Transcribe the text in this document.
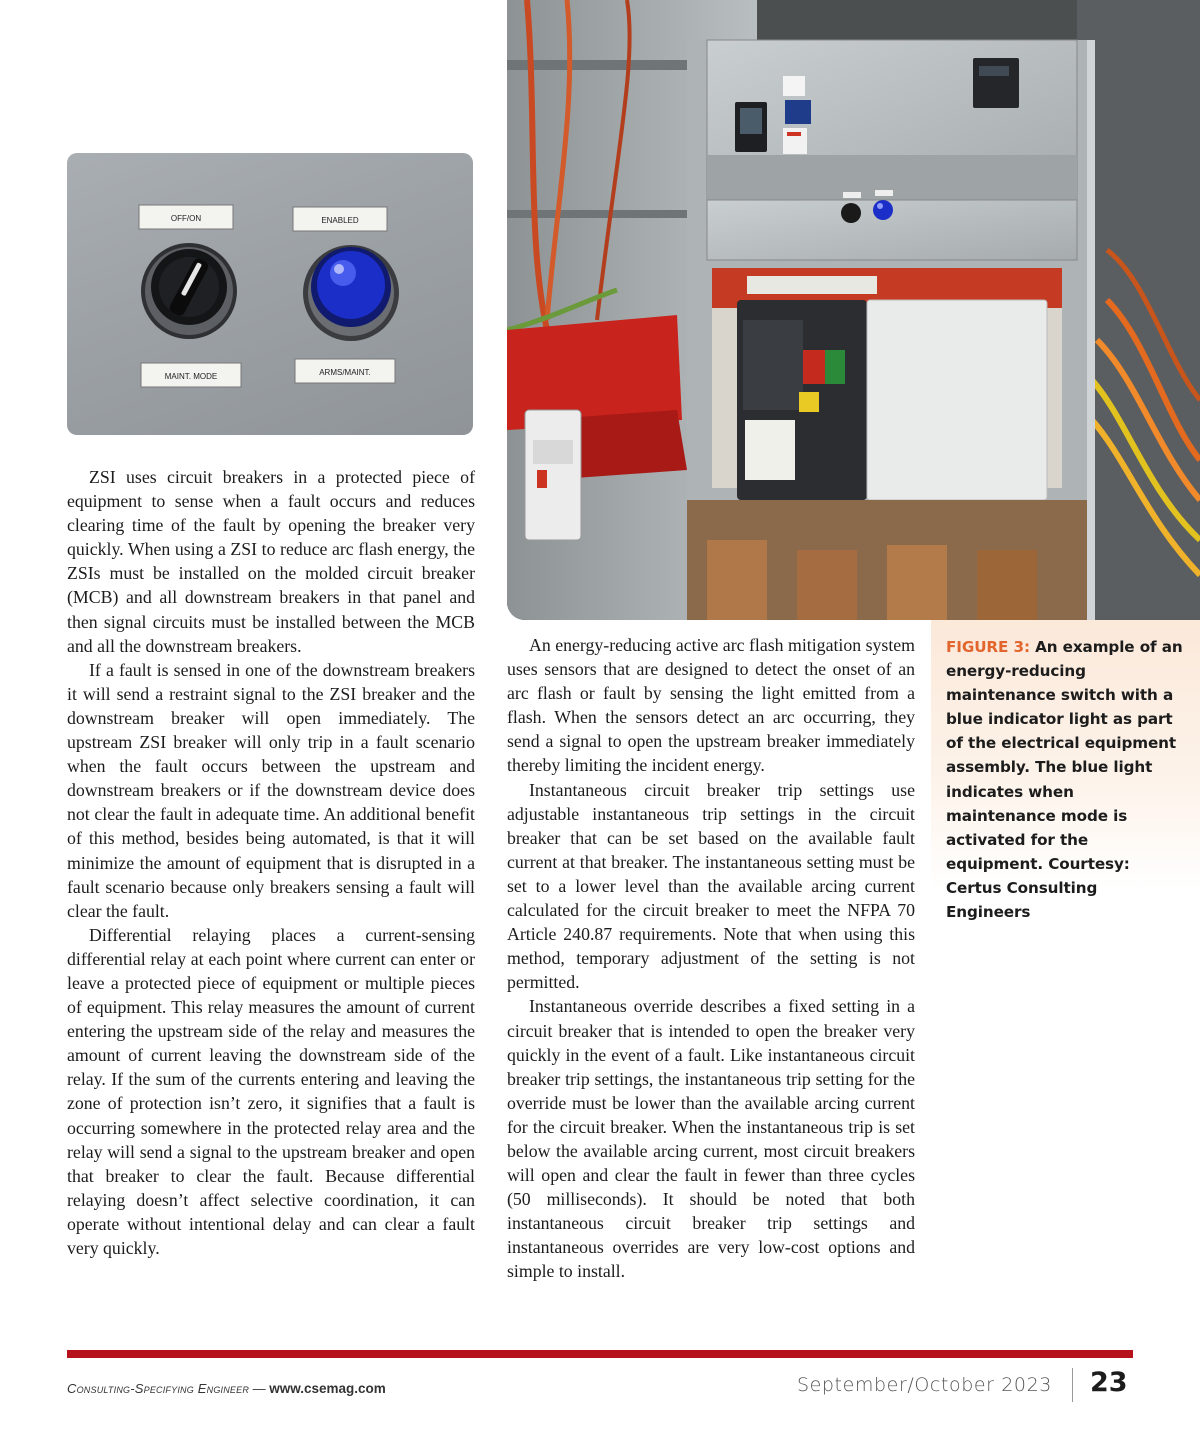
OFF/ON	ENABLED
MAINT. MODE	ARMS/MAINT.

ZSI uses circuit breakers in a protected piece of equipment to sense when a fault occurs and reduces clearing time of the fault by opening the breaker very quickly. When using a ZSI to reduce arc flash energy, the ZSIs must be installed on the molded circuit breaker (MCB) and all downstream breakers in that panel and then signal circuits must be installed between the MCB and all the downstream breakers.

If a fault is sensed in one of the downstream breakers it will send a restraint signal to the ZSI breaker and the downstream breaker will open immediately. The upstream ZSI breaker will only trip in a fault scenario when the fault occurs between the upstream and downstream breakers or if the downstream device does not clear the fault in adequate time. An additional benefit of this method, besides being automated, is that it will minimize the amount of equipment that is disrupted in a fault scenario because only breakers sensing a fault will clear the fault.

Differential relaying places a current-sensing differential relay at each point where current can enter or leave a protected piece of equipment or multiple pieces of equipment. This relay measures the amount of current entering the upstream side of the relay and measures the amount of current leaving the downstream side of the relay. If the sum of the currents entering and leaving the zone of protection isn’t zero, it signifies that a fault is occurring somewhere in the protected relay area and the relay will send a signal to the upstream breaker and open that breaker to clear the fault. Because differential relaying doesn’t affect selective coordination, it can operate without intentional delay and can clear a fault very quickly.

An energy-reducing active arc flash mitigation system uses sensors that are designed to detect the onset of an arc flash or fault by sensing the light emitted from a flash. When the sensors detect an arc occurring, they send a signal to open the upstream breaker immediately thereby limiting the incident energy.

Instantaneous circuit breaker trip settings use adjustable instantaneous trip settings in the circuit breaker that can be set based on the available fault current at that breaker. The instantaneous setting must be set to a lower level than the available arcing current calculated for the circuit breaker to meet the NFPA 70 Article 240.87 requirements. Note that when using this method, temporary adjustment of the setting is not permitted.

Instantaneous override describes a fixed setting in a circuit breaker that is intended to open the breaker very quickly in the event of a fault. Like instantaneous circuit breaker trip settings, the instantaneous trip setting for the override must be lower than the available arcing current for the circuit breaker. When the instantaneous trip is set below the available arcing current, most circuit breakers will open and clear the fault in fewer than three cycles (50 milliseconds). It should be noted that both instantaneous circuit breaker trip settings and instantaneous overrides are very low-cost options and simple to install.

FIGURE 3: An example of an energy-reducing maintenance switch with a blue indicator light as part of the electrical equipment assembly. The blue light indicates when maintenance mode is activated for the equipment. Courtesy: Certus Consulting Engineers
Consulting-Specifying Engineer — www.csemag.com	September/October 2023 23
